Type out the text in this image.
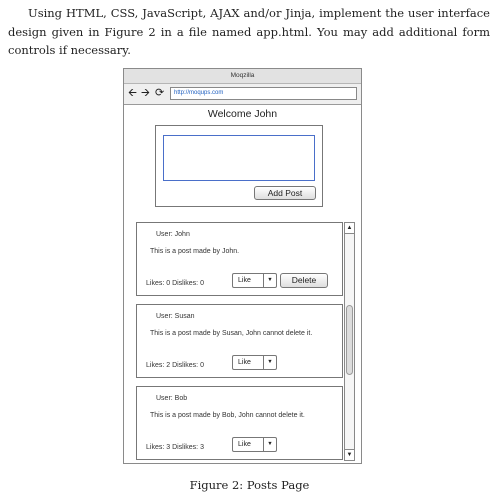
Using HTML, CSS, JavaScript, AJAX and/or Jinja, implement the user interface design given in Figure 2 in a file named app.html. You may add additional form controls if necessary.

Moqzilla
🡨 🡪 ⟳	http://moqups.com
Welcome John
Add Post
User: John
This is a post made by John.
Likes: 0 Dislikes: 0	Like	▼	Delete
User: Susan
This is a post made by Susan, John cannot delete it.
Likes: 2 Dislikes: 0	Like	▼
User: Bob
This is a post made by Bob, John cannot delete it.
Likes: 3 Dislikes: 3	Like	▼
▲
▼
Figure 2: Posts Page
